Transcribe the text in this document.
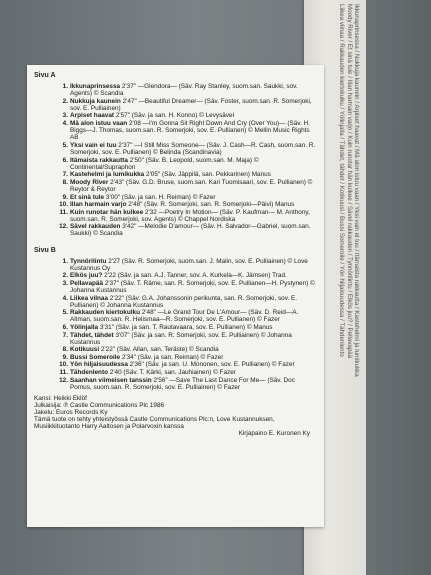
Ikkunaprinsessa / Nukkuja kaunein / Arpiset haavat / Mä alon istuu vaan / Yksi vain ei tuu / Itämaista rakkautta / Kastehelmi ja lumikukka
Moody River / Et sinä tule / Illan harmain varjo / Kuin runotar hän kulkee / Sävel rakkauden / Tynnörilintu / Elkös juu? / Pellavapää
Liikea vilnaa / Rakkauden kiertokulku / Yölinjalla / Tähdet, tähdet / Kotikuusi / Bussi Someroile / Yön hiljaisuudessa / Tähdenlento
Sivu A
1. Ikkunaprinsessa 2'37" —Glendora— (Säv. Ray Stanley, suom.san. Saukki, sov. Agents) © Scandia
2. Nukkuja kaunein 2'47" —Beautiful Dreamer— (Säv. Foster, suom.san. R. Somerjoki, sov. E. Pulliainen)
3. Arpiset haavat 2'57" (Säv. ja san. H. Konno) © Levysävel
4. Mä alon istuu vaan 2'08 —I'm Gonna Sit Right Down And Cry (Over You)— (Säv. H. Biggs—J. Thomas, suom.san. R. Somerjoki, sov. E. Pullianen) © Mellin Music Rights AB
5. Yksi vain ei tuu 2'37" —I Still Miss Someone— (Säv. J. Cash—R. Cash, suom.san. R. Somerjoki, sov. E. Pullianen) © Belinda (Scandinavia)
6. Itämaista rakkautta 2'50" (Säv. B. Leopold, suom.san. M. Maja) © Continental/Supraphon
7. Kastehelmi ja lumikukka 2'05" (Säv. Jäppilä, san. Pekkarinen) Manus
8. Moody River 2'43" (Säv. G.D. Bruse, suom.san. Kari Tuomisaari, sov. E. Pullianen) © Reytor & Reytor
9. Et sinä tule 3'00" (Säv. ja san. H. Reiman) © Fazer
10. Illan harmain varjo 2'48" (Säv. R. Somerjoki, san. R. Somerjoki—Päivi) Manus
11. Kuin runotar hän kulkee 2'32 —Poetry In Motion— (Säv. P. Kaufman— M. Anthony, suom.san. R. Somerjoki, sov. Agents) © Chappel Nordiska
12. Sävel rakkauden 3'42" —Melodie D'amour— (Säv. H. Salvador—Gabriel, suom.san. Saukki) © Scandia
Sivu B
1. Tynnörilintu 2'27 (Säv. R. Somerjoki, suom.san. J. Malin, sov. E. Pulliainen) © Love Kustannus Oy
2. Elkös juu? 2'22 (Säv. ja san. A.J. Tanner, sov. A. Kurkela—K. Jämsen) Trad.
3. Pellavapää 2'37" (Säv. T. Räme, san. R. Somerjoki, sov. E. Pullianen—H. Pystynen) © Johanna Kustannus
4. Liikea vilnaa 2'22" (Säv. G.A. Johanssonin perikunta, san. R. Somerjoki, sov. E. Pullianen) © Johanna Kustannus
5. Rakkauden kiertokulku 2'48" —Le Grand Tour De L'Amour— (Säv. D. Reid—A. Altman, suom.san. R. Helismaa—R. Somerjoki, sov. E. Pullianen) © Fazer
6. Yölinjalla 3'31" (Säv. ja san. T. Rautavaara, sov. E. Pullianen) © Manus
7. Tähdet, tähdet 3'07" (Säv. ja san. R. Somerjoki, sov. E. Pulliainen) © Johanna Kustannus
8. Kotikuusi 2'22" (Säv. Allan, san. Teräste) © Scandia
9. Bussi Someroile 2'34" (Säv. ja san. Reiman) © Fazer
10. Yön hiljaisuudessa 2'36" (Säv. ja san. U. Mononen, sov. E. Pullianen) © Fazer
11. Tähdenlento 2'40 (Säv. T. Kärki, san. Jauhiainen) © Fazer
12. Saanhan viimeisen tanssin 2'56" —Save The Last Dance For Me— (Säv. Doc Pomus, suom.san. R. Somerjoki, sov. E. Pulliainen) © Fazer
Kansi: Heikki Eklöf
Julkaisija: ℗ Castle Communications Plc 1986
Jakelu: Euros Records Ky
Tämä tuote on tehty yhteistyössä Castle Communications Plc:n, Love Kustannuksen, Musiikkituotanto Harry Aaltosen ja Polarvoxin kanssa
Kirjapaino E. Kuronen Ky
